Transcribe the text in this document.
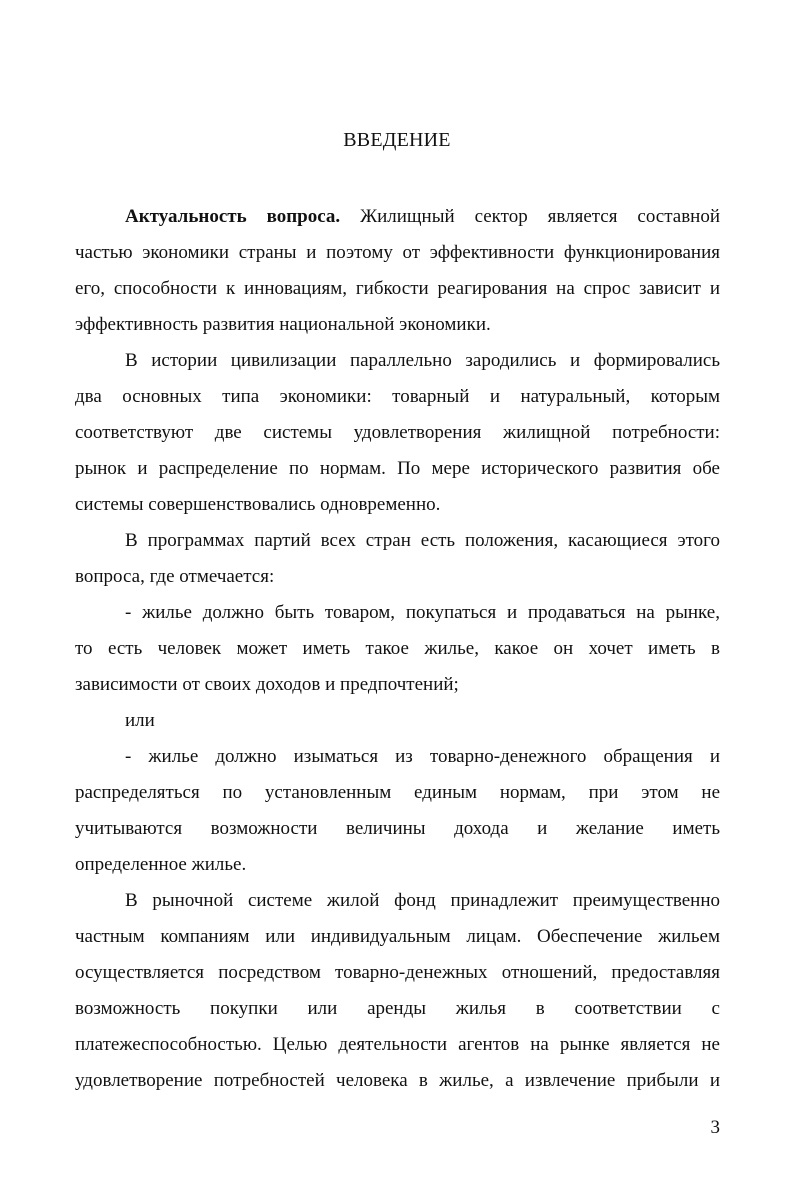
ВВЕДЕНИЕ
Актуальность вопроса. Жилищный сектор является составной
частью экономики страны и поэтому от эффективности функционирования
его, способности к инновациям, гибкости реагирования на спрос зависит и
эффективность развития национальной экономики.
В истории цивилизации параллельно зародились и формировались
два основных типа экономики: товарный и натуральный, которым
соответствуют две системы удовлетворения жилищной потребности:
рынок и распределение по нормам. По мере исторического развития обе
системы совершенствовались одновременно.
В программах партий всех стран есть положения, касающиеся этого
вопроса, где отмечается:
- жилье должно быть товаром, покупаться и продаваться на рынке,
то есть человек может иметь такое жилье, какое он хочет иметь в
зависимости от своих доходов и предпочтений;
или
- жилье должно изыматься из товарно-денежного обращения и
распределяться по установленным единым нормам, при этом не
учитываются возможности величины дохода и желание иметь
определенное жилье.
В рыночной системе жилой фонд принадлежит преимущественно
частным компаниям или индивидуальным лицам. Обеспечение жильем
осуществляется посредством товарно-денежных отношений, предоставляя
возможность покупки или аренды жилья в соответствии с
платежеспособностью. Целью деятельности агентов на рынке является не
удовлетворение потребностей человека в жилье, а извлечение прибыли и
3
